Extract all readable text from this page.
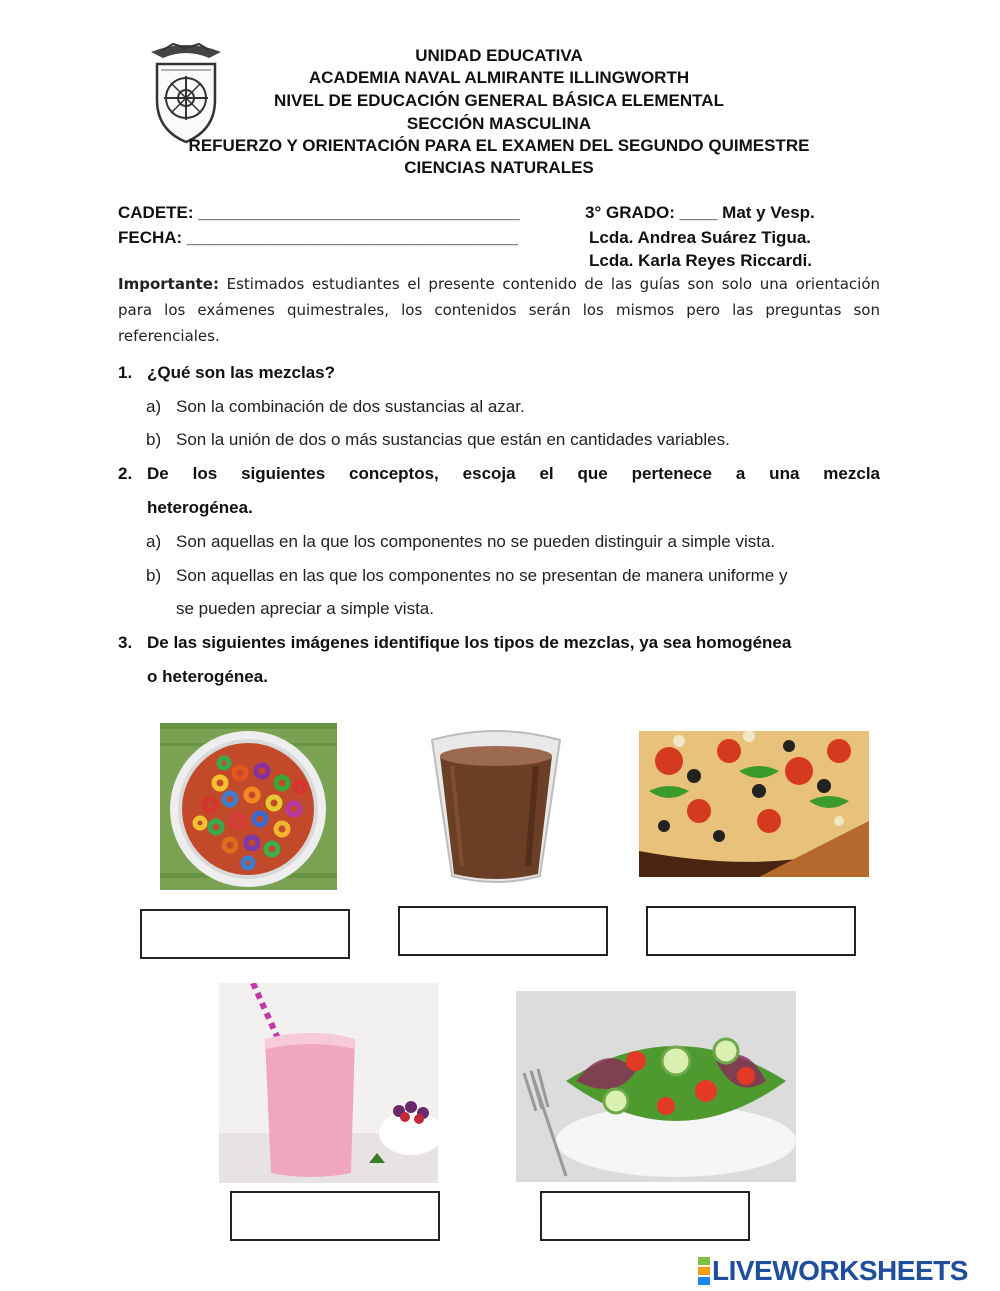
UNIDAD EDUCATIVA
ACADEMIA NAVAL ALMIRANTE ILLINGWORTH
NIVEL DE EDUCACIÓN GENERAL BÁSICA ELEMENTAL
SECCIÓN MASCULINA
REFUERZO Y ORIENTACIÓN PARA EL EXAMEN DEL SEGUNDO QUIMESTRE
CIENCIAS NATURALES
CADETE: __________________________________	3° GRADO: ____ Mat y Vesp.
FECHA: ___________________________________	Lcda. Andrea Suárez Tigua.
Lcda. Karla Reyes Riccardi.
Importante: Estimados estudiantes el presente contenido de las guías son solo una orientación para los exámenes quimestrales, los contenidos serán los mismos pero las preguntas son referenciales.
1. ¿Qué son las mezclas?
a) Son la combinación de dos sustancias al azar.
b) Son la unión de dos o más sustancias que están en cantidades variables.
2. De los siguientes conceptos, escoja el que pertenece a una mezcla
heterogénea.
a) Son aquellas en la que los componentes no se pueden distinguir a simple vista.
b) Son aquellas en las que los componentes no se presentan de manera uniforme y
se pueden apreciar a simple vista.
3. De las siguientes imágenes identifique los tipos de mezclas, ya sea homogénea
o heterogénea.
LIVEWORKSHEETS
